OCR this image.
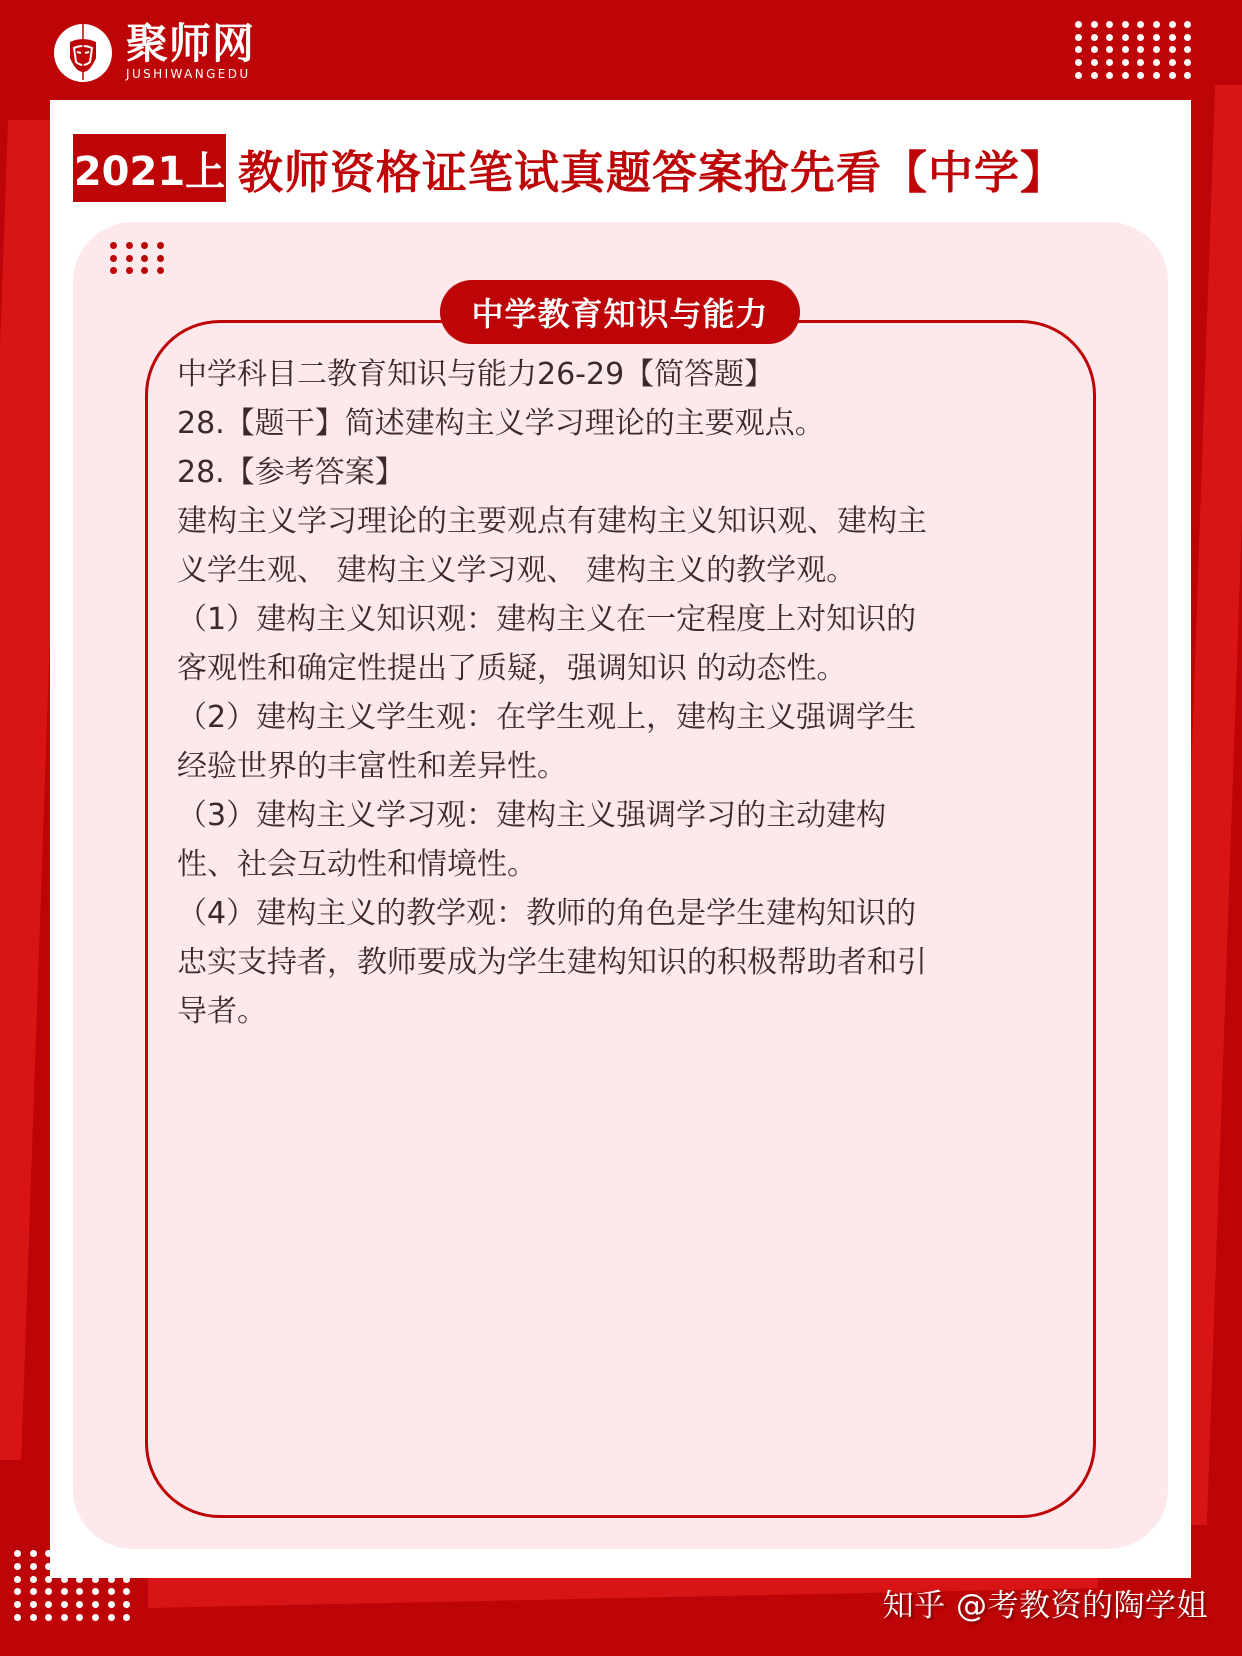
聚师网
JUSHIWANGEDU
2021上 教师资格证笔试真题答案抢先看【中学】
中学教育知识与能力

中学科目二教育知识与能力26-29【简答题】

28.【题干】简述建构主义学习理论的主要观点。

28.【参考答案】

建构主义学习理论的主要观点有建构主义知识观、建构主

义学生观、 建构主义学习观、 建构主义的教学观。

（1）建构主义知识观：建构主义在一定程度上对知识的

客观性和确定性提出了质疑，强调知识 的动态性。

（2）建构主义学生观：在学生观上，建构主义强调学生

经验世界的丰富性和差异性。

（3）建构主义学习观：建构主义强调学习的主动建构

性、社会互动性和情境性。

（4）建构主义的教学观：教师的角色是学生建构知识的

忠实支持者，教师要成为学生建构知识的积极帮助者和引

导者。

知乎 @考教资的陶学姐
